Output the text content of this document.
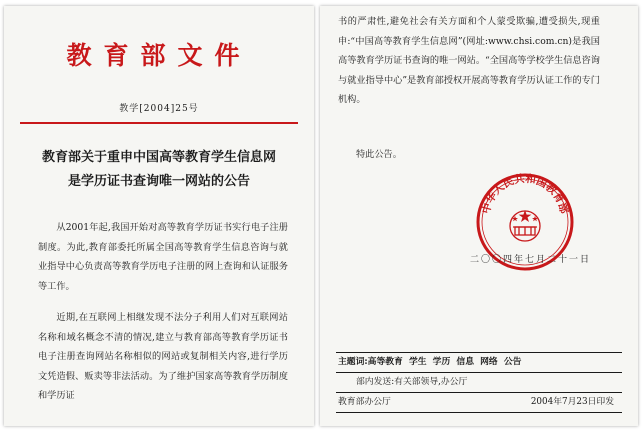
教育部文件
教学[2004]25号
教育部关于重申中国高等教育学生信息网
是学历证书查询唯一网站的公告

从2001年起,我国开始对高等教育学历证书实行电子注册制度。为此,教育部委托所属全国高等教育学生信息咨询与就业指导中心负责高等教育学历电子注册的网上查询和认证服务等工作。

近期,在互联网上相继发现不法分子利用人们对互联网站名称和域名概念不清的情况,建立与教育部高等教育学历证书电子注册查询网站名称相似的网站或复制相关内容,进行学历文凭造假、贩卖等非法活动。为了维护国家高等教育学历制度和学历证

书的严肃性,避免社会有关方面和个人蒙受欺骗,遭受损失,现重申:“中国高等教育学生信息网”(网址:www.chsi.com.cn)是我国高等教育学历证书查询的唯一网站。“全国高等学校学生信息咨询与就业指导中心”是教育部授权开展高等教育学历认证工作的专门机构。

特此公告。
中华人民共和国教育部
二〇〇四年七月二十一日
主题词:高等教育  学生  学历  信息  网络  公告
部内发送:有关部领导,办公厅
教育部办公厅	2004年7月23日印发
